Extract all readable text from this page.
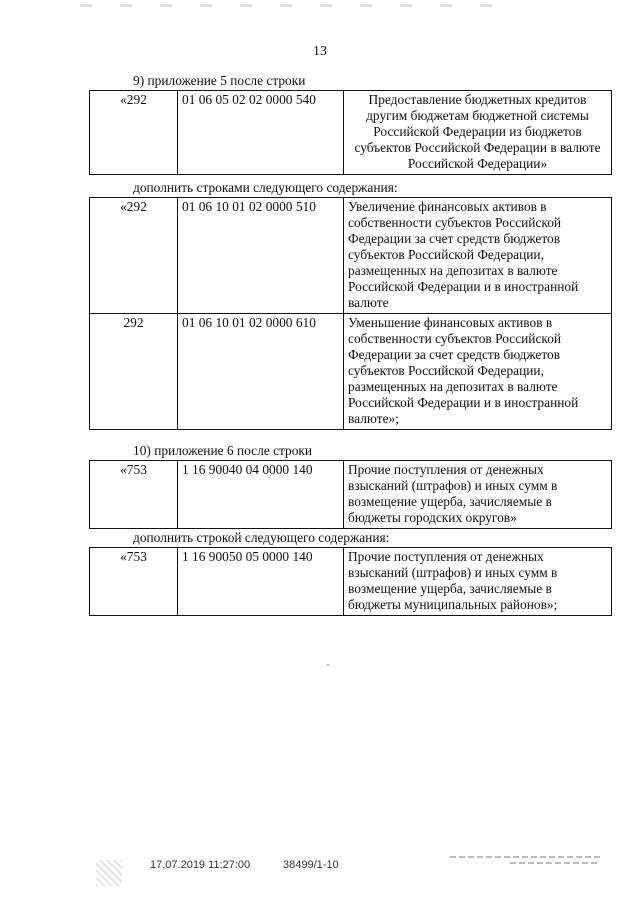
13
9) приложение 5 после строки
«292	01 06 05 02 02 0000 540	Предоставление бюджетных кредитов другим бюджетам бюджетной системы Российской Федерации из бюджетов субъектов Российской Федерации в валюте Российской Федерации»
дополнить строками следующего содержания:
«292	01 06 10 01 02 0000 510	Увеличение финансовых активов в собственности субъектов Российской Федерации за счет средств бюджетов субъектов Российской Федерации, размещенных на депозитах в валюте Российской Федерации и в иностранной валюте
292	01 06 10 01 02 0000 610	Уменьшение финансовых активов в собственности субъектов Российской Федерации за счет средств бюджетов субъектов Российской Федерации, размещенных на депозитах в валюте Российской Федерации и в иностранной валюте»;
10) приложение 6 после строки
«753	1 16 90040 04 0000 140	Прочие поступления от денежных взысканий (штрафов) и иных сумм в возмещение ущерба, зачисляемые в бюджеты городских округов»
дополнить строкой следующего содержания:
«753	1 16 90050 05 0000 140	Прочие поступления от денежных взысканий (штрафов) и иных сумм в возмещение ущерба, зачисляемые в бюджеты муниципальных районов»;
17.07.2019 11:27:00	38499/1-10
